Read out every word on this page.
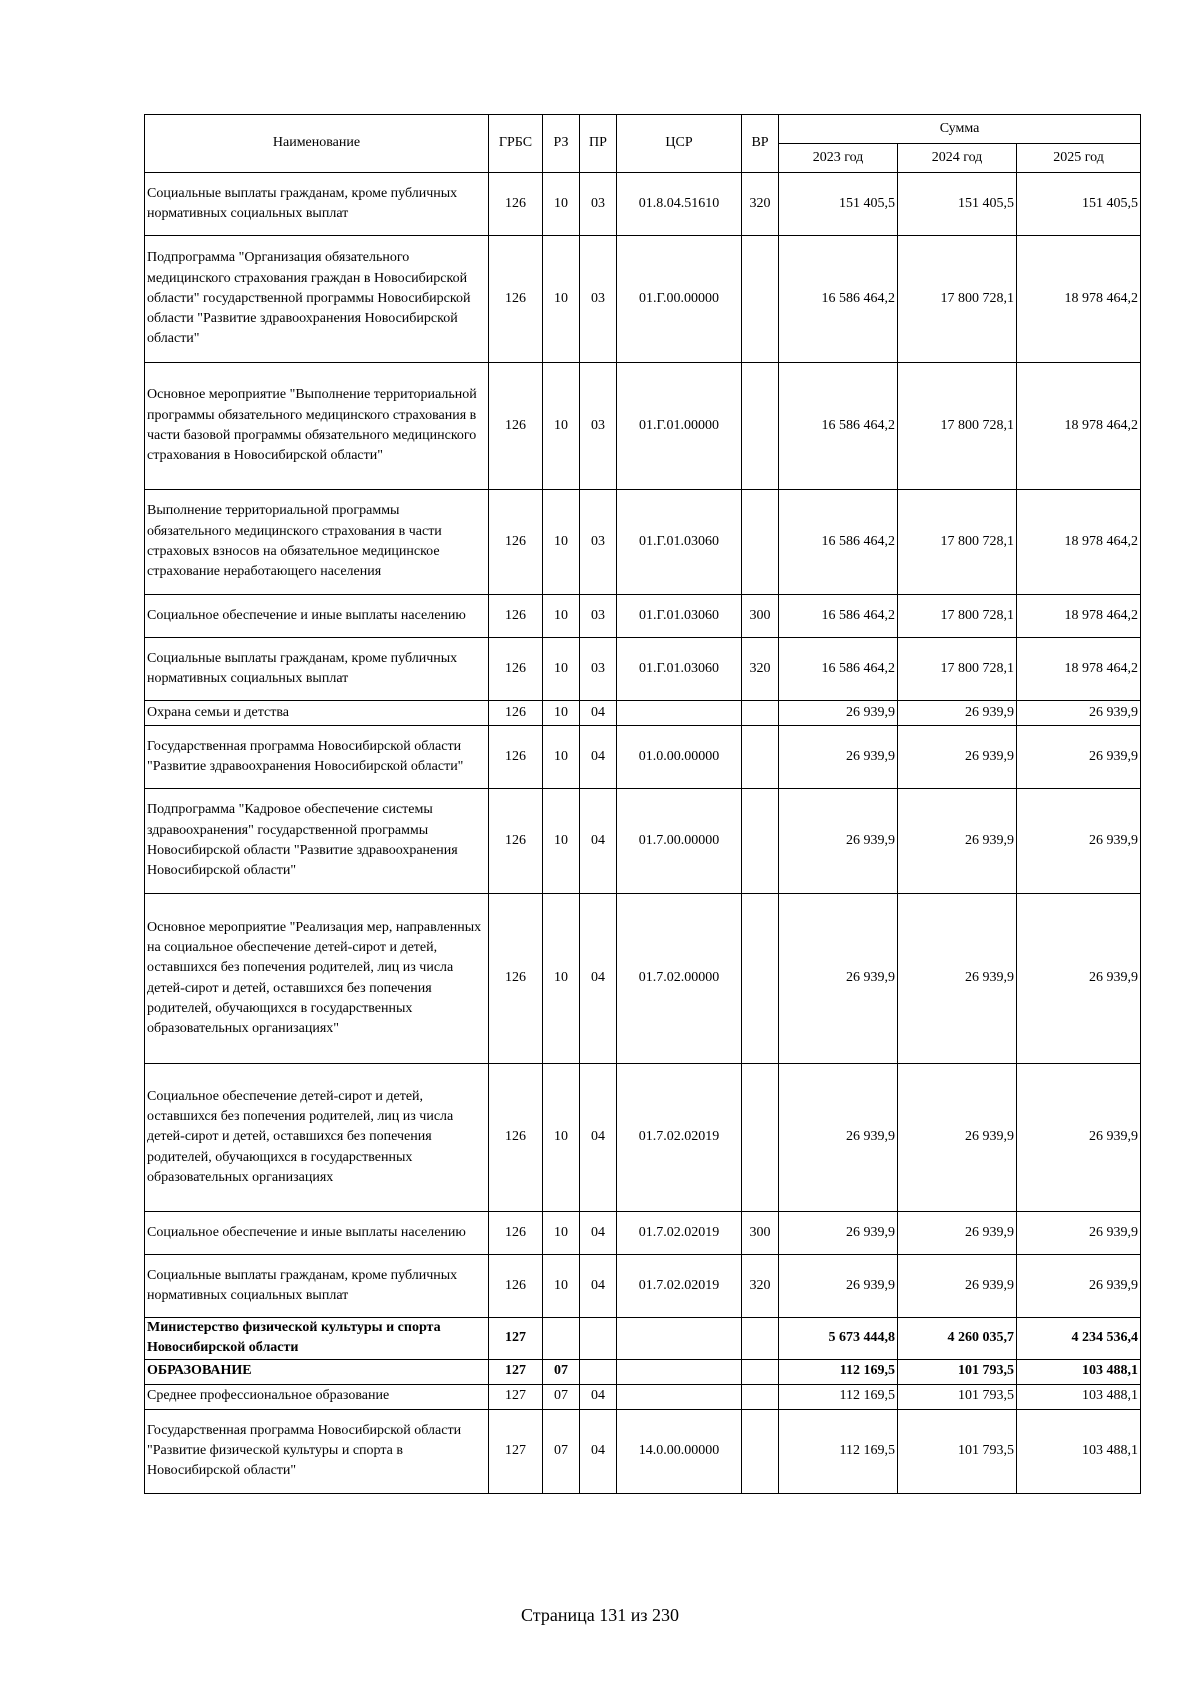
Наименование	ГРБС	РЗ	ПР	ЦСР	ВР	Сумма		
						2023 год	2024 год	2025 год
Социальные выплаты гражданам, кроме публичных нормативных социальных выплат	126	10	03	01.8.04.51610	320	151 405,5	151 405,5	151 405,5
Подпрограмма "Организация обязательного медицинского страхования граждан в Новосибирской области" государственной программы Новосибирской области "Развитие здравоохранения Новосибирской области"	126	10	03	01.Г.00.00000		16 586 464,2	17 800 728,1	18 978 464,2
Основное мероприятие "Выполнение территориальной программы обязательного медицинского страхования в части базовой программы обязательного медицинского страхования в Новосибирской области"	126	10	03	01.Г.01.00000		16 586 464,2	17 800 728,1	18 978 464,2
Выполнение территориальной программы обязательного медицинского страхования в части страховых взносов на обязательное медицинское страхование неработающего населения	126	10	03	01.Г.01.03060		16 586 464,2	17 800 728,1	18 978 464,2
Социальное обеспечение и иные выплаты населению	126	10	03	01.Г.01.03060	300	16 586 464,2	17 800 728,1	18 978 464,2
Социальные выплаты гражданам, кроме публичных нормативных социальных выплат	126	10	03	01.Г.01.03060	320	16 586 464,2	17 800 728,1	18 978 464,2
Охрана семьи и детства	126	10	04			26 939,9	26 939,9	26 939,9
Государственная программа Новосибирской области "Развитие здравоохранения Новосибирской области"	126	10	04	01.0.00.00000		26 939,9	26 939,9	26 939,9
Подпрограмма "Кадровое обеспечение системы здравоохранения" государственной программы Новосибирской области "Развитие здравоохранения Новосибирской области"	126	10	04	01.7.00.00000		26 939,9	26 939,9	26 939,9
Основное мероприятие "Реализация мер, направленных на социальное обеспечение детей-сирот и детей, оставшихся без попечения родителей, лиц из числа детей-сирот и детей, оставшихся без попечения родителей, обучающихся в государственных образовательных организациях"	126	10	04	01.7.02.00000		26 939,9	26 939,9	26 939,9
Социальное обеспечение детей-сирот и детей, оставшихся без попечения родителей, лиц из числа детей-сирот и детей, оставшихся без попечения родителей, обучающихся в государственных образовательных организациях	126	10	04	01.7.02.02019		26 939,9	26 939,9	26 939,9
Социальное обеспечение и иные выплаты населению	126	10	04	01.7.02.02019	300	26 939,9	26 939,9	26 939,9
Социальные выплаты гражданам, кроме публичных нормативных социальных выплат	126	10	04	01.7.02.02019	320	26 939,9	26 939,9	26 939,9
Министерство физической культуры и спорта Новосибирской области	127					5 673 444,8	4 260 035,7	4 234 536,4
ОБРАЗОВАНИЕ	127	07				112 169,5	101 793,5	103 488,1
Среднее профессиональное образование	127	07	04			112 169,5	101 793,5	103 488,1
Государственная программа Новосибирской области "Развитие физической культуры и спорта в Новосибирской области"	127	07	04	14.0.00.00000		112 169,5	101 793,5	103 488,1
Страница 131 из 230
